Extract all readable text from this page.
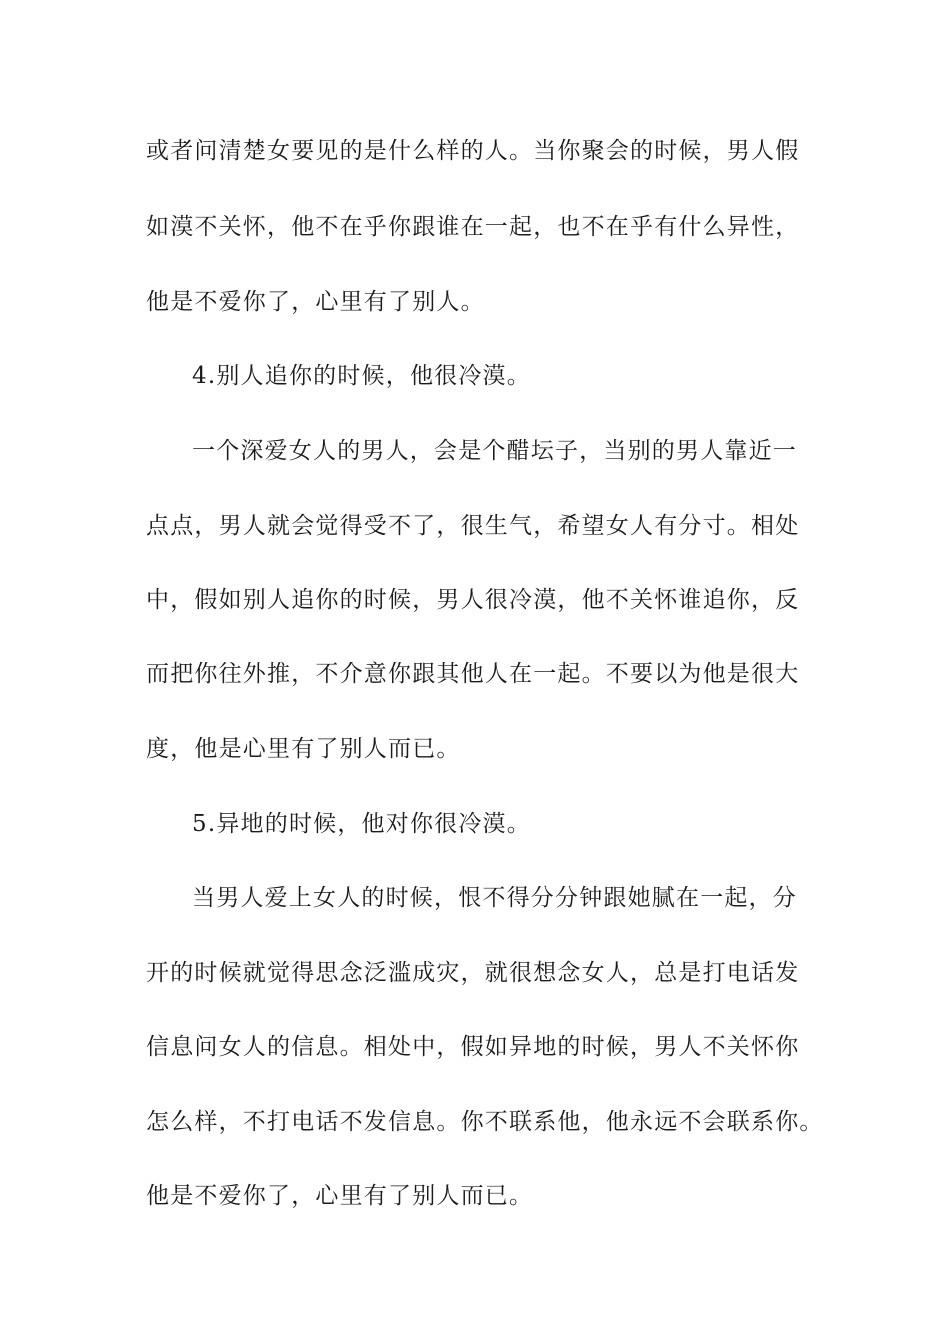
或者问清楚女要见的是什么样的人。当你聚会的时候，男人假
如漠不关怀，他不在乎你跟谁在一起，也不在乎有什么异性，
他是不爱你了，心里有了别人。
4.别人追你的时候，他很冷漠。
一个深爱女人的男人，会是个醋坛子，当别的男人靠近一
点点，男人就会觉得受不了，很生气，希望女人有分寸。相处
中，假如别人追你的时候，男人很冷漠，他不关怀谁追你，反
而把你往外推，不介意你跟其他人在一起。不要以为他是很大
度，他是心里有了别人而已。
5.异地的时候，他对你很冷漠。
当男人爱上女人的时候，恨不得分分钟跟她腻在一起，分
开的时候就觉得思念泛滥成灾，就很想念女人，总是打电话发
信息问女人的信息。相处中，假如异地的时候，男人不关怀你
怎么样，不打电话不发信息。你不联系他，他永远不会联系你。
他是不爱你了，心里有了别人而已。
